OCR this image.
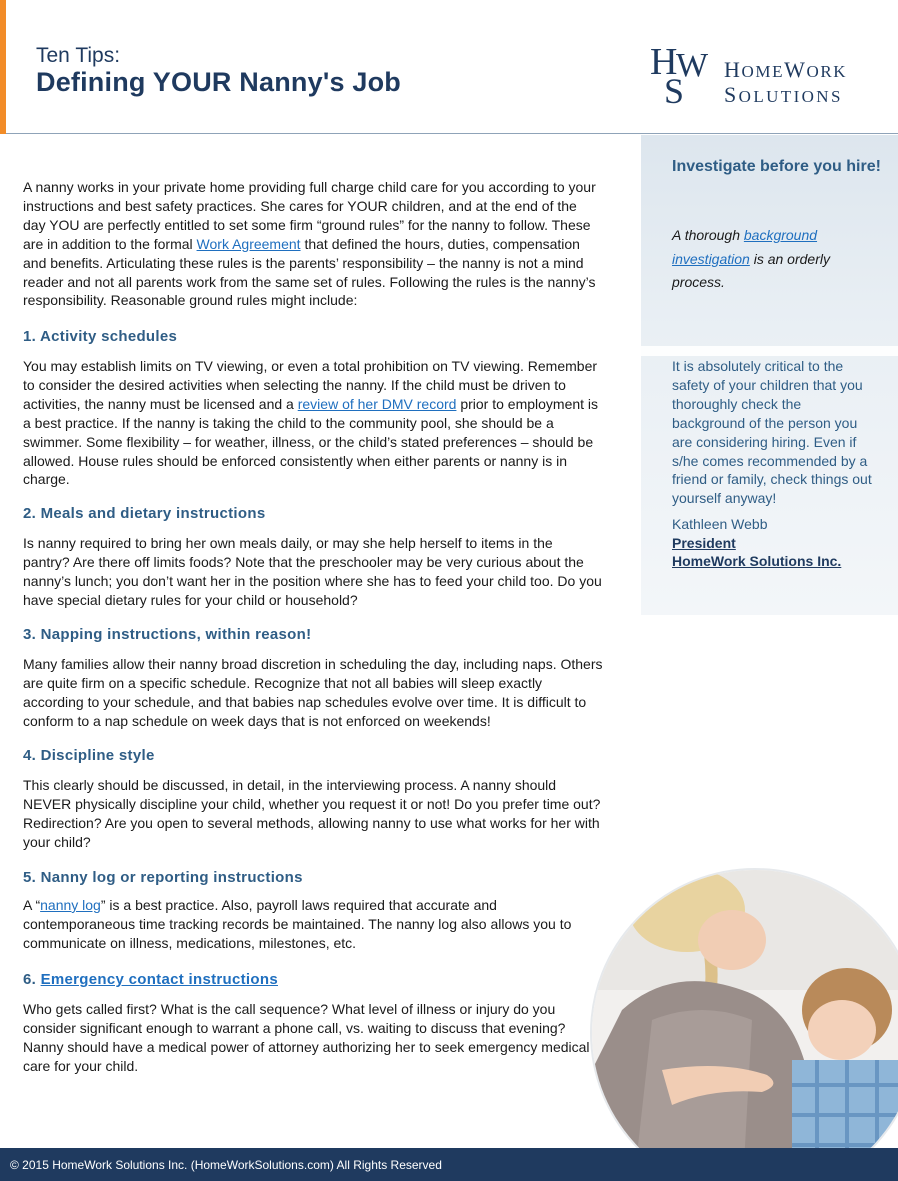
Ten Tips:
Defining YOUR Nanny's Job	H
W
S
HOMEWORK
SOLUTIONS

A nanny works in your private home providing full charge child care for you according to your instructions and best safety practices. She cares for YOUR children, and at the end of the day YOU are perfectly entitled to set some firm “ground rules” for the nanny to follow. These are in addition to the formal Work Agreement that defined the hours, duties, compensation and benefits. Articulating these rules is the parents’ responsibility – the nanny is not a mind reader and not all parents work from the same set of rules. Following the rules is the nanny’s responsibility. Reasonable ground rules might include:

1. Activity schedules

You may establish limits on TV viewing, or even a total prohibition on TV viewing. Remember to consider the desired activities when selecting the nanny. If the child must be driven to activities, the nanny must be licensed and a review of her DMV record prior to employment is a best practice. If the nanny is taking the child to the community pool, she should be a swimmer. Some flexibility – for weather, illness, or the child’s stated preferences – should be allowed. House rules should be enforced consistently when either parents or nanny is in charge.

2. Meals and dietary instructions

Is nanny required to bring her own meals daily, or may she help herself to items in the pantry? Are there off limits foods? Note that the preschooler may be very curious about the nanny’s lunch; you don’t want her in the position where she has to feed your child too. Do you have special dietary rules for your child or household?

3. Napping instructions, within reason!

Many families allow their nanny broad discretion in scheduling the day, including naps. Others are quite firm on a specific schedule. Recognize that not all babies will sleep exactly according to your schedule, and that babies nap schedules evolve over time. It is difficult to conform to a nap schedule on week days that is not enforced on weekends!

4. Discipline style

This clearly should be discussed, in detail, in the interviewing process. A nanny should NEVER physically discipline your child, whether you request it or not! Do you prefer time out? Redirection? Are you open to several methods, allowing nanny to use what works for her with your child?

5. Nanny log or reporting instructions

A “nanny log” is a best practice. Also, payroll laws required that accurate and contemporaneous time tracking records be maintained. The nanny log also allows you to communicate on illness, medications, milestones, etc.

6. Emergency contact instructions

Who gets called first? What is the call sequence? What level of illness or injury do you consider significant enough to warrant a phone call, vs. waiting to discuss that evening? Nanny should have a medical power of attorney authorizing her to seek emergency medical care for your child.

Investigate before you hire!
A thorough background investigation is an orderly process.
It is absolutely critical to the safety of your children that you thoroughly check the background of the person you are considering hiring. Even if s/he comes recommended by a friend or family, check things out yourself anyway!
Kathleen Webb
President
HomeWork Solutions Inc.
© 2015 HomeWork Solutions Inc. (HomeWorkSolutions.com) All Rights Reserved
